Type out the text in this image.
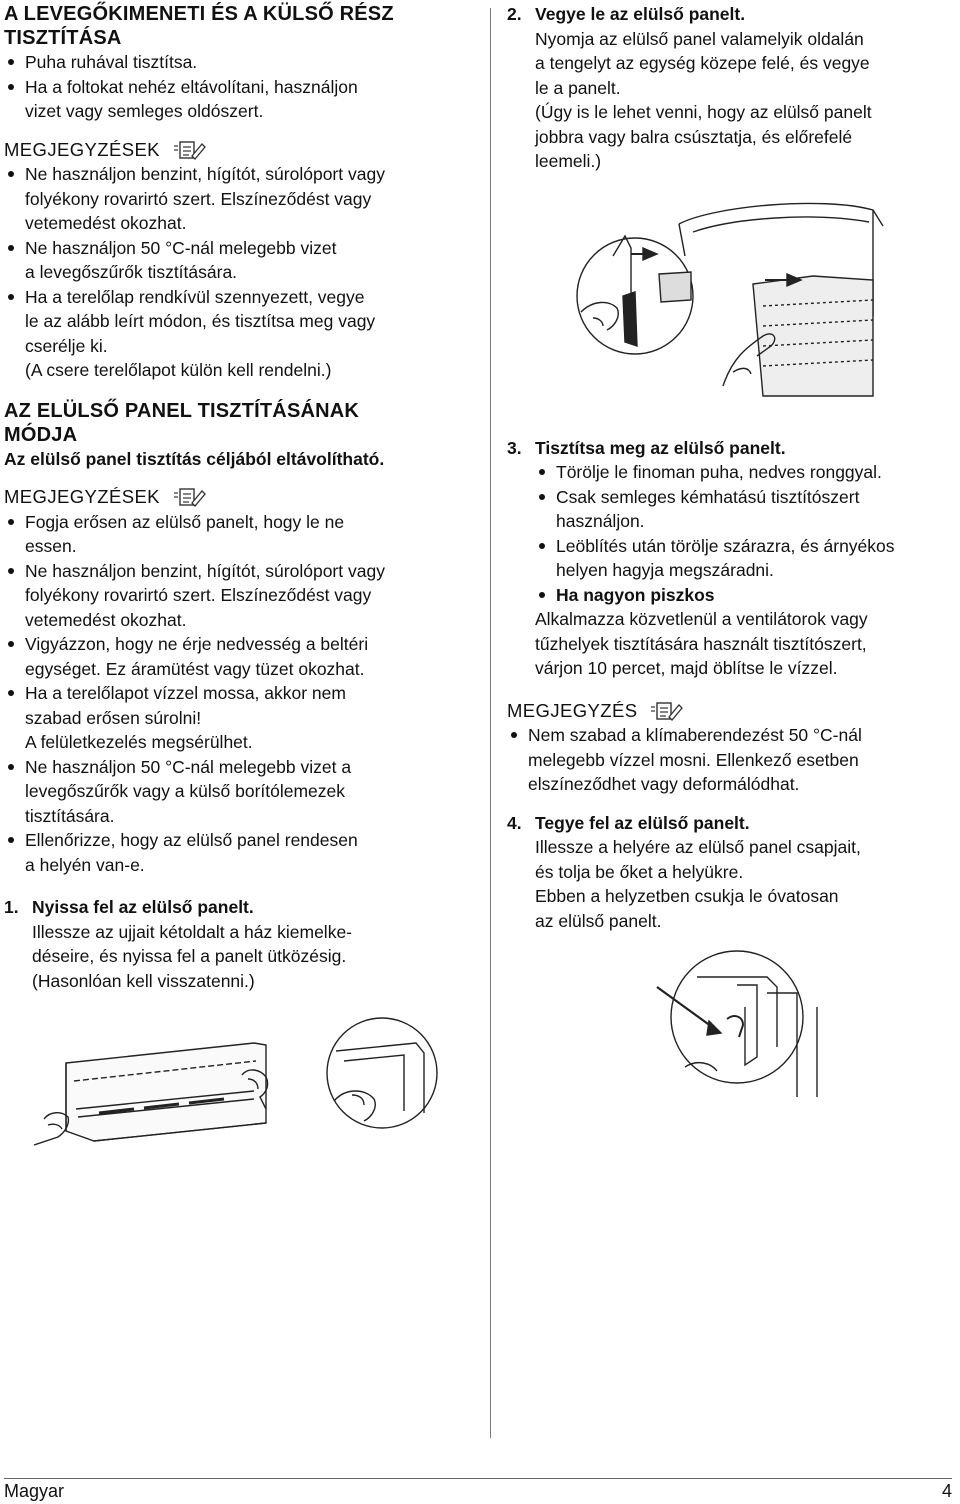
A LEVEGŐKIMENETI ÉS A KÜLSŐ RÉSZ
TISZTÍTÁSA
Puha ruhával tisztítsa.
Ha a foltokat nehéz eltávolítani, használjon
vizet vagy semleges oldószert.
MEGJEGYZÉSEK
Ne használjon benzint, hígítót, súrolóport vagy
folyékony rovarirtó szert. Elszíneződést vagy
vetemedést okozhat.
Ne használjon 50 °C-nál melegebb vizet
a levegőszűrők tisztítására.
Ha a terelőlap rendkívül szennyezett, vegye
le az alább leírt módon, és tisztítsa meg vagy
cserélje ki.
(A csere terelőlapot külön kell rendelni.)
AZ ELÜLSŐ PANEL TISZTÍTÁSÁNAK
MÓDJA

Az elülső panel tisztítás céljából eltávolítható.

MEGJEGYZÉSEK
Fogja erősen az elülső panelt, hogy le ne
essen.
Ne használjon benzint, hígítót, súrolóport vagy
folyékony rovarirtó szert. Elszíneződést vagy
vetemedést okozhat.
Vigyázzon, hogy ne érje nedvesség a beltéri
egységet. Ez áramütést vagy tüzet okozhat.
Ha a terelőlapot vízzel mossa, akkor nem
szabad erősen súrolni!
A felületkezelés megsérülhet.
Ne használjon 50 °C-nál melegebb vizet a
levegőszűrők vagy a külső borítólemezek
tisztítására.
Ellenőrizze, hogy az elülső panel rendesen
a helyén van-e.
1. Nyissa fel az elülső panelt.
Illessze az ujjait kétoldalt a ház kiemelke-
déseire, és nyissa fel a panelt ütközésig.
(Hasonlóan kell visszatenni.)
2. Vegye le az elülső panelt.
Nyomja az elülső panel valamelyik oldalán
a tengelyt az egység közepe felé, és vegye
le a panelt.
(Úgy is le lehet venni, hogy az elülső panelt
jobbra vagy balra csúsztatja, és előrefelé
leemeli.)
3. Tisztítsa meg az elülső panelt.
Törölje le finoman puha, nedves ronggyal.
Csak semleges kémhatású tisztítószert
használjon.
Leöblítés után törölje szárazra, és árnyékos
helyen hagyja megszáradni.
Ha nagyon piszkos

Alkalmazza közvetlenül a ventilátorok vagy
tűzhelyek tisztítására használt tisztítószert,
várjon 10 percet, majd öblítse le vízzel.

MEGJEGYZÉS
Nem szabad a klímaberendezést 50 °C-nál
melegebb vízzel mosni. Ellenkező esetben
elszíneződhet vagy deformálódhat.
4. Tegye fel az elülső panelt.
Illessze a helyére az elülső panel csapjait,
és tolja be őket a helyükre.
Ebben a helyzetben csukja le óvatosan
az elülső panelt.
Magyar	4
